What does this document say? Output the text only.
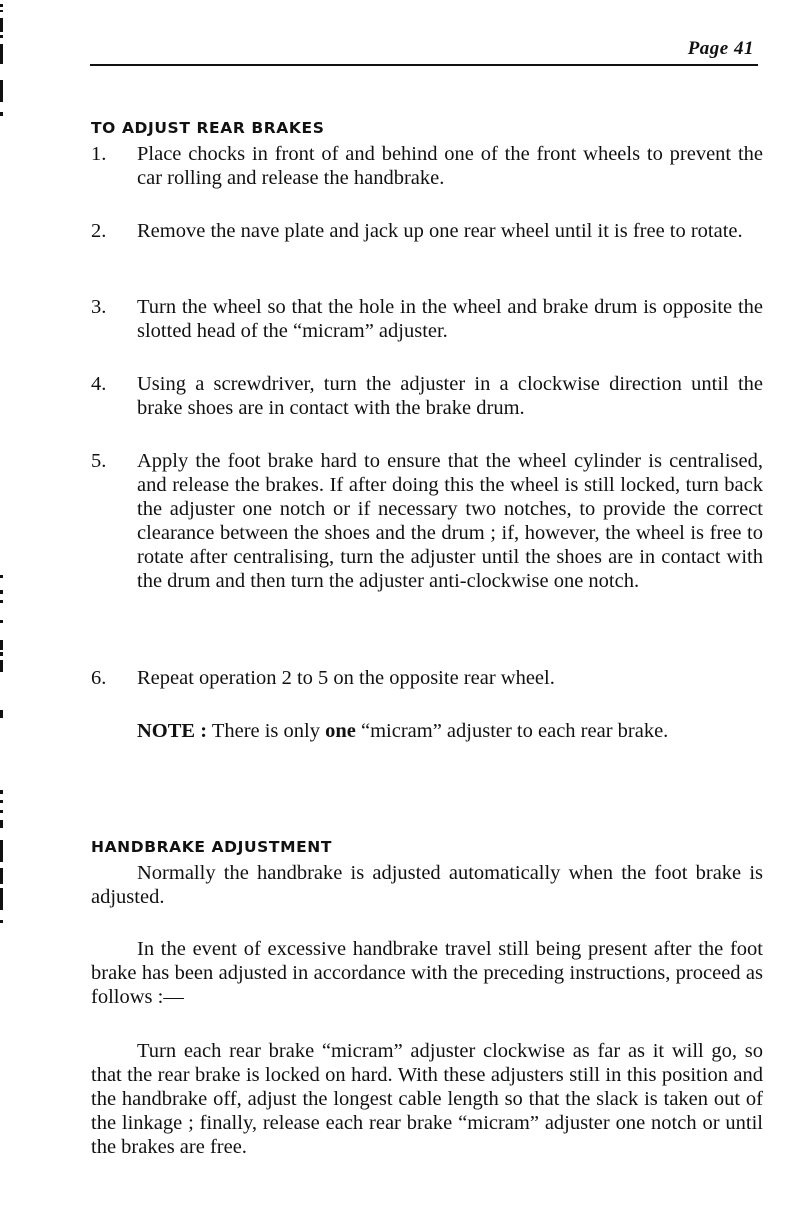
Page 41
TO ADJUST REAR BRAKES
1.	Place chocks in front of and behind one of the front wheels to prevent the car rolling and release the handbrake.
2.	Remove the nave plate and jack up one rear wheel until it is free to rotate.
3.	Turn the wheel so that the hole in the wheel and brake drum is opposite the slotted head of the “micram” adjuster.
4.	Using a screwdriver, turn the adjuster in a clockwise direction until the brake shoes are in contact with the brake drum.
5.	Apply the foot brake hard to ensure that the wheel cylinder is centralised, and release the brakes. If after doing this the wheel is still locked, turn back the adjuster one notch or if necessary two notches, to provide the correct clearance between the shoes and the drum ; if, however, the wheel is free to rotate after centralising, turn the adjuster until the shoes are in contact with the drum and then turn the adjuster anti-clockwise one notch.
6.	Repeat operation 2 to 5 on the opposite rear wheel.
NOTE : There is only one “micram” adjuster to each rear brake.
HANDBRAKE ADJUSTMENT
Normally the handbrake is adjusted automatically when the foot brake is adjusted.
In the event of excessive handbrake travel still being present after the foot brake has been adjusted in accordance with the preceding instructions, proceed as follows :—
Turn each rear brake “micram” adjuster clockwise as far as it will go, so that the rear brake is locked on hard. With these adjusters still in this position and the handbrake off, adjust the longest cable length so that the slack is taken out of the linkage ; finally, release each rear brake “micram” adjuster one notch or until the brakes are free.
